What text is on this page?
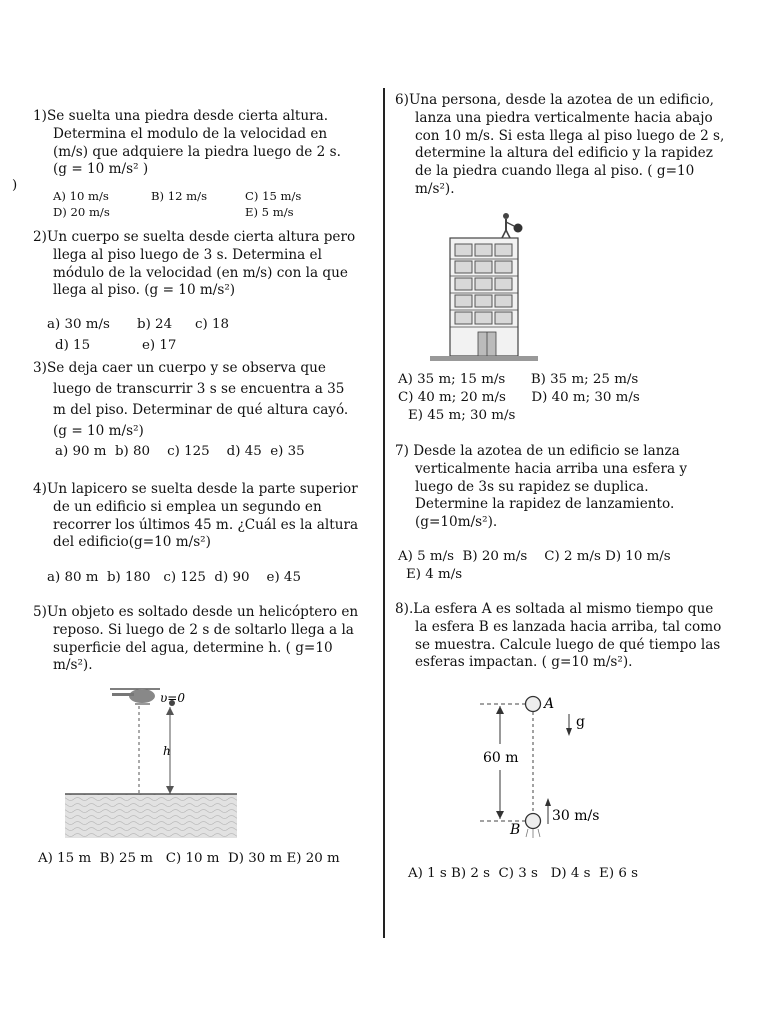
)
1)Se suelta una piedra desde cierta altura.
Determina el modulo de la velocidad en
(m/s) que adquiere la piedra luego de 2 s.
(g = 10 m/s² )
A) 10 m/s	B) 12 m/s	C) 15 m/s
D) 20 m/s	E) 5 m/s
2)Un cuerpo se suelta desde cierta altura pero
llega al piso luego de 3 s. Determina el
módulo de la velocidad (en m/s) con la que
llega al piso. (g = 10 m/s²)
a) 30 m/s b) 24 c) 18
d) 15	e) 17
3)Se deja caer un cuerpo y se observa que
luego de transcurrir 3 s se encuentra a 35
m del piso. Determinar de qué altura cayó.
(g = 10 m/s²)
a) 90 m  b) 80    c) 125    d) 45  e) 35
4)Un lapicero se suelta desde la parte superior
de un edificio si emplea un segundo en
recorrer los últimos 45 m. ¿Cuál es la altura
del edificio(g=10 m/s²)
a) 80 m  b) 180   c) 125  d) 90    e) 45
5)Un objeto es soltado desde un helicóptero en
reposo. Si luego de 2 s de soltarlo llega a la
superficie del agua, determine h. ( g=10
m/s²).
υ=0
h
A) 15 m  B) 25 m   C) 10 m  D) 30 m E) 20 m
6)Una persona, desde la azotea de un edificio,
lanza una piedra verticalmente hacia abajo
con 10 m/s. Si esta llega al piso luego de 2 s,
determine la altura del edificio y la rapidez
de la piedra cuando llega al piso. ( g=10
m/s²).
A) 35 m; 15 m/s      B) 35 m; 25 m/s
C) 40 m; 20 m/s      D) 40 m; 30 m/s
E) 45 m; 30 m/s
7) Desde la azotea de un edificio se lanza
verticalmente hacia arriba una esfera y
luego de 3s su rapidez se duplica.
Determine la rapidez de lanzamiento.
(g=10m/s²).
A) 5 m/s  B) 20 m/s    C) 2 m/s D) 10 m/s
E) 4 m/s
8).La esfera A es soltada al mismo tiempo que
la esfera B es lanzada hacia arriba, tal como
se muestra. Calcule luego de qué tiempo las
esferas impactan. ( g=10 m/s²).
60 m
A
g
B
30 m/s
A) 1 s B) 2 s  C) 3 s   D) 4 s  E) 6 s
